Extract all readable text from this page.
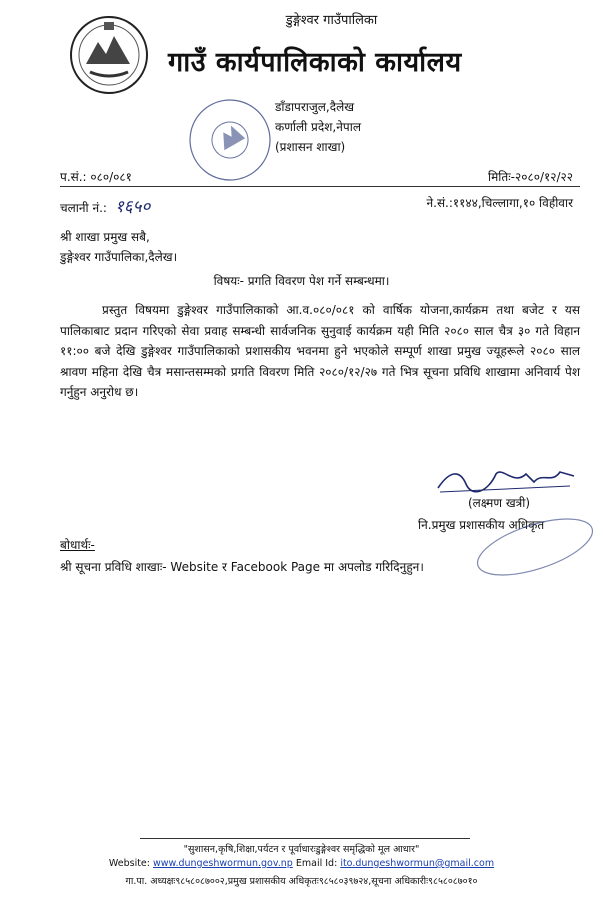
डुङ्गेश्वर गाउँपालिका
गाउँ कार्यपालिकाको कार्यालय
डाँडापराजुल,दैलेख
कर्णाली प्रदेश,नेपाल
(प्रशासन शाखा)
प.सं.: ०८०/०८१	मितिः-२०८०/१२/२२
चलानी नं.: १६५०	ने.सं.:११४४,चिल्लागा,१० विहीवार
श्री शाखा प्रमुख सबै,
डुङ्गेश्वर गाउँपालिका,दैलेख।
विषयः- प्रगति विवरण पेश गर्ने सम्बन्धमा।
प्रस्तुत विषयमा डुङ्गेश्वर गाउँपालिकाको आ.व.०८०/०८१ को वार्षिक योजना,कार्यक्रम तथा बजेट र यस पालिकाबाट प्रदान गरिएको सेवा प्रवाह सम्बन्धी सार्वजनिक सुनुवाई कार्यक्रम यही मिति २०८० साल चैत्र ३० गते विहान ११:०० बजे देखि डुङ्गेश्वर गाउँपालिकाको प्रशासकीय भवनमा हुने भएकोले सम्पूर्ण शाखा प्रमुख ज्यूहरूले २०८० साल श्रावण महिना देखि चैत्र मसान्तसम्मको प्रगति विवरण मिति २०८०/१२/२७ गते भित्र सूचना प्रविधि शाखामा अनिवार्य पेश गर्नुहुन अनुरोध छ।
(लक्ष्मण खत्री)
नि.प्रमुख प्रशासकीय अधिकृत
बोधार्थः-
श्री सूचना प्रविधि शाखाः- Website र Facebook Page मा अपलोड गरिदिनुहुन।
"सुशासन,कृषि,शिक्षा,पर्यटन र पूर्वाधारःडुङ्गेश्वर समृद्धिको मूल आधार"
Website: www.dungeshwormun.gov.np Email Id: ito.dungeshwormun@gmail.com
गा.पा. अध्यक्षः९८५८०८७००२,प्रमुख प्रशासकीय अधिकृतः९८५८०३९७२४,सूचना अधिकारीः९८५८०८७०१०
